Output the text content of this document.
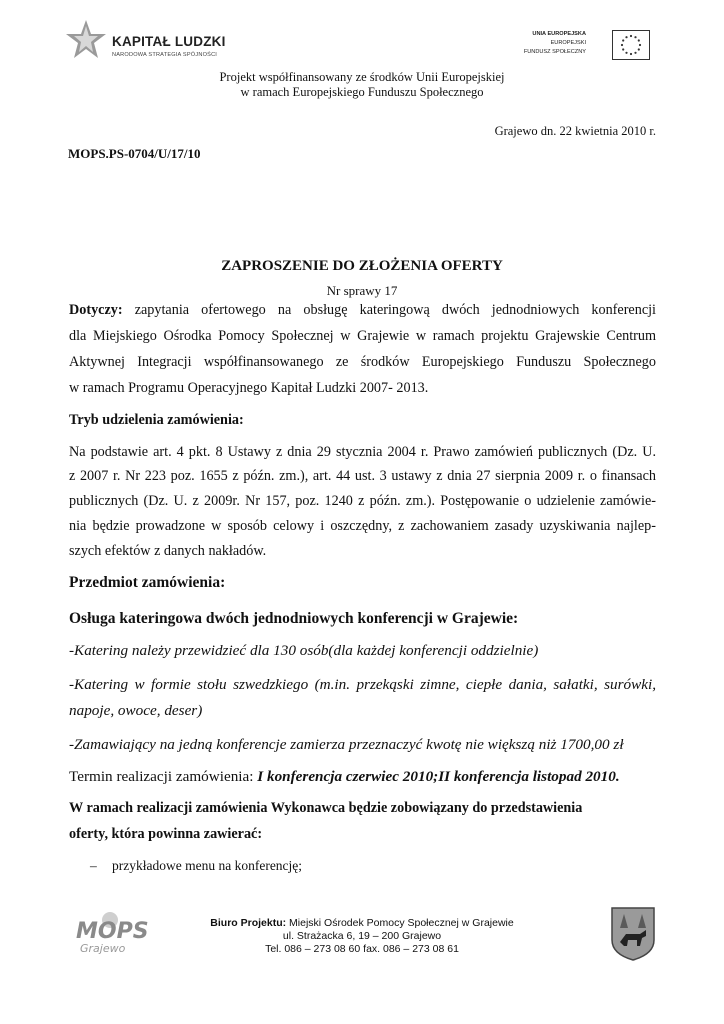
KAPITAŁ LUDZKI
NARODOWA STRATEGIA SPÓJNOŚCI
UNIA EUROPEJSKA
EUROPEJSKI
FUNDUSZ SPOŁECZNY
Projekt współfinansowany ze środków Unii Europejskiej
w ramach Europejskiego Funduszu Społecznego
Grajewo dn. 22 kwietnia 2010 r.
MOPS.PS-0704/U/17/10
ZAPROSZENIE DO ZŁOŻENIA OFERTY
Nr sprawy 17
Dotyczy: zapytania ofertowego na obsługę kateringową dwóch jednodniowych konferencji
dla Miejskiego Ośrodka Pomocy Społecznej w Grajewie w ramach projektu Grajewskie Centrum
Aktywnej Integracji współfinansowanego ze środków Europejskiego Funduszu Społecznego
w ramach Programu Operacyjnego Kapitał Ludzki 2007- 2013.
Tryb udzielenia zamówienia:
Na podstawie art. 4 pkt. 8 Ustawy z dnia 29 stycznia 2004 r. Prawo zamówień publicznych (Dz. U.
z 2007 r. Nr 223 poz. 1655 z późn. zm.), art. 44 ust. 3 ustawy z dnia 27 sierpnia 2009 r. o finansach
publicznych (Dz. U. z 2009r. Nr 157, poz. 1240 z późn. zm.). Postępowanie o udzielenie zamówie-
nia będzie prowadzone w sposób celowy i oszczędny, z zachowaniem zasady uzyskiwania najlep-
szych efektów z danych nakładów.
Przedmiot zamówienia:
Osługa kateringowa dwóch jednodniowych konferencji w Grajewie:
-Katering należy przewidzieć dla 130 osób(dla każdej konferencji oddzielnie)
-Katering w formie stołu szwedzkiego (m.in. przekąski zimne, ciepłe dania, sałatki, surówki,
napoje, owoce, deser)
-Zamawiający na jedną konferencje zamierza przeznaczyć kwotę nie większą niż 1700,00 zł
Termin realizacji zamówienia: I konferencja czerwiec 2010;II konferencja listopad 2010.
W ramach realizacji zamówienia Wykonawca będzie zobowiązany do przedstawienia
oferty, która powinna zawierać:
– przykładowe menu na konferencję;
MOPS
Grajewo
Biuro Projektu: Miejski Ośrodek Pomocy Społecznej w Grajewie
ul. Strażacka 6, 19 – 200 Grajewo
Tel. 086 – 273 08 60 fax. 086 – 273 08 61
